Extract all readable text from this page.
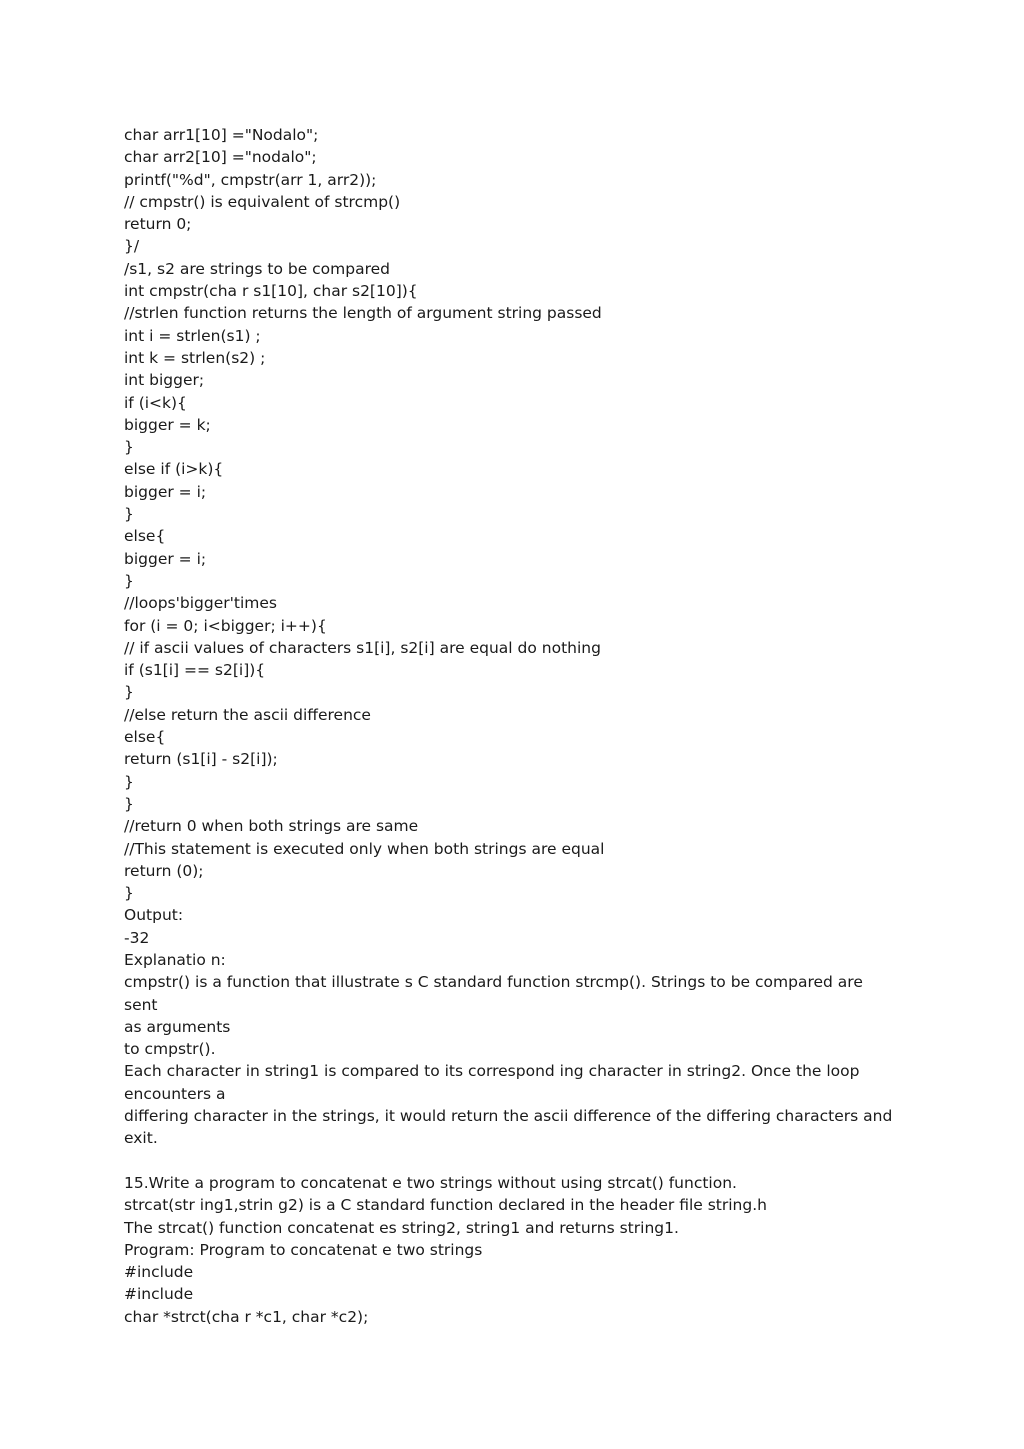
char arr1[10] ="Nodalo";

char arr2[10] ="nodalo";

printf("%d", cmpstr(arr 1, arr2));

// cmpstr() is equivalent of strcmp()

return 0;

}/

/s1, s2 are strings to be compared

int cmpstr(cha r s1[10], char s2[10]){

//strlen function returns the length of argument string passed

int i = strlen(s1) ;

int k = strlen(s2) ;

int bigger;

if (i<k){

bigger = k;

}

else if (i>k){

bigger = i;

}

else{

bigger = i;

}

//loops'bigger'times

for (i = 0; i<bigger; i++){

// if ascii values of characters s1[i], s2[i] are equal do nothing

if (s1[i] == s2[i]){

}

//else return the ascii difference

else{

return (s1[i] - s2[i]);

}

}

//return 0 when both strings are same

//This statement is executed only when both strings are equal

return (0);

}

Output:

-32

Explanatio n:

cmpstr() is a function that illustrate s C standard function strcmp(). Strings to be compared are sent

as arguments

to cmpstr().

Each character in string1 is compared to its correspond ing character in string2. Once the loop

encounters a

differing character in the strings, it would return the ascii difference of the differing characters and

exit.

15.Write a program to concatenat e two strings without using strcat() function.

strcat(str ing1,strin g2) is a C standard function declared in the header file string.h

The strcat() function concatenat es string2, string1 and returns string1.

Program: Program to concatenat e two strings

#include

#include

char *strct(cha r *c1, char *c2);
